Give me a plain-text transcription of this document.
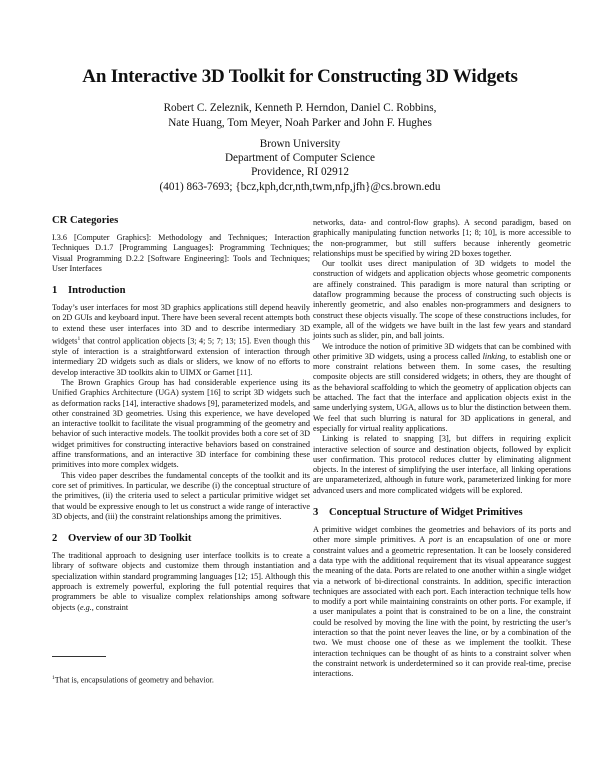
An Interactive 3D Toolkit for Constructing 3D Widgets
Robert C. Zeleznik, Kenneth P. Herndon, Daniel C. Robbins,
Nate Huang, Tom Meyer, Noah Parker and John F. Hughes
Brown University
Department of Computer Science
Providence, RI 02912
(401) 863-7693; {bcz,kph,dcr,nth,twm,nfp,jfh}@cs.brown.edu
CR Categories

I.3.6 [Computer Graphics]: Methodology and Techniques; Interaction Techniques D.1.7 [Programming Languages]: Programming Techniques; Visual Programming D.2.2 [Software Engineering]: Tools and Techniques; User Interfaces

1 Introduction

Today’s user interfaces for most 3D graphics applications still depend heavily on 2D GUIs and keyboard input. There have been several recent attempts both to extend these user interfaces into 3D and to describe intermediary 3D widgets$^1$ that control application objects [3; 4; 5; 7; 13; 15]. Even though this style of interaction is a straightforward extension of interaction through intermediary 2D widgets such as dials or sliders, we know of no efforts to develop interactive 3D toolkits akin to UIMX or Garnet [11].

The Brown Graphics Group has had considerable experience using its Unified Graphics Architecture (UGA) system [16] to script 3D widgets such as deformation racks [14], interactive shadows [9], parameterized models, and other constrained 3D geometries. Using this experience, we have developed an interactive toolkit to facilitate the visual programming of the geometry and behavior of such interactive models. The toolkit provides both a core set of 3D widget primitives for constructing interactive behaviors based on constrained affine transformations, and an interactive 3D interface for combining these primitives into more complex widgets.

This video paper describes the fundamental concepts of the toolkit and its core set of primitives. In particular, we describe (i) the conceptual structure of the primitives, (ii) the criteria used to select a particular primitive widget set that would be expressive enough to let us construct a wide range of interactive 3D objects, and (iii) the constraint relationships among the primitives.

2 Overview of our 3D Toolkit

The traditional approach to designing user interface toolkits is to create a library of software objects and customize them through instantiation and specialization within standard programming languages [12; 15]. Although this approach is extremely powerful, exploring the full potential requires that programmers be able to visualize complex relationships among software objects (e.g., constraint

$^1$That is, encapsulations of geometry and behavior.

networks, data- and control-flow graphs). A second paradigm, based on graphically manipulating function networks [1; 8; 10], is more accessible to the non-programmer, but still suffers because inherently geometric relationships must be specified by wiring 2D boxes together.

Our toolkit uses direct manipulation of 3D widgets to model the construction of widgets and application objects whose geometric components are affinely constrained. This paradigm is more natural than scripting or dataflow programming because the process of constructing such objects is inherently geometric, and also enables non-programmers and designers to construct these objects visually. The scope of these constructions includes, for example, all of the widgets we have built in the last few years and standard joints such as slider, pin, and ball joints.

We introduce the notion of primitive 3D widgets that can be combined with other primitive 3D widgets, using a process called linking, to establish one or more constraint relations between them. In some cases, the resulting composite objects are still considered widgets; in others, they are thought of as the behavioral scaffolding to which the geometry of application objects can be attached. The fact that the interface and application objects exist in the same underlying system, UGA, allows us to blur the distinction between them. We feel that such blurring is natural for 3D applications in general, and especially for virtual reality applications.

Linking is related to snapping [3], but differs in requiring explicit interactive selection of source and destination objects, followed by explicit user confirmation. This protocol reduces clutter by eliminating alignment objects. In the interest of simplifying the user interface, all linking operations are unparameterized, although in future work, parameterized linking for more advanced users and more complicated widgets will be explored.

3 Conceptual Structure of Widget Primitives

A primitive widget combines the geometries and behaviors of its ports and other more simple primitives. A port is an encapsulation of one or more constraint values and a geometric representation. It can be loosely considered a data type with the additional requirement that its visual appearance suggest the meaning of the data. Ports are related to one another within a single widget via a network of bi-directional constraints. In addition, specific interaction techniques are associated with each port. Each interaction technique tells how to modify a port while maintaining constraints on other ports. For example, if a user manipulates a point that is constrained to be on a line, the constraint could be resolved by moving the line with the point, by restricting the user’s interaction so that the point never leaves the line, or by a combination of the two. We must choose one of these as we implement the toolkit. These interaction techniques can be thought of as hints to a constraint solver when the constraint network is underdetermined so it can provide real-time, precise interactions.
